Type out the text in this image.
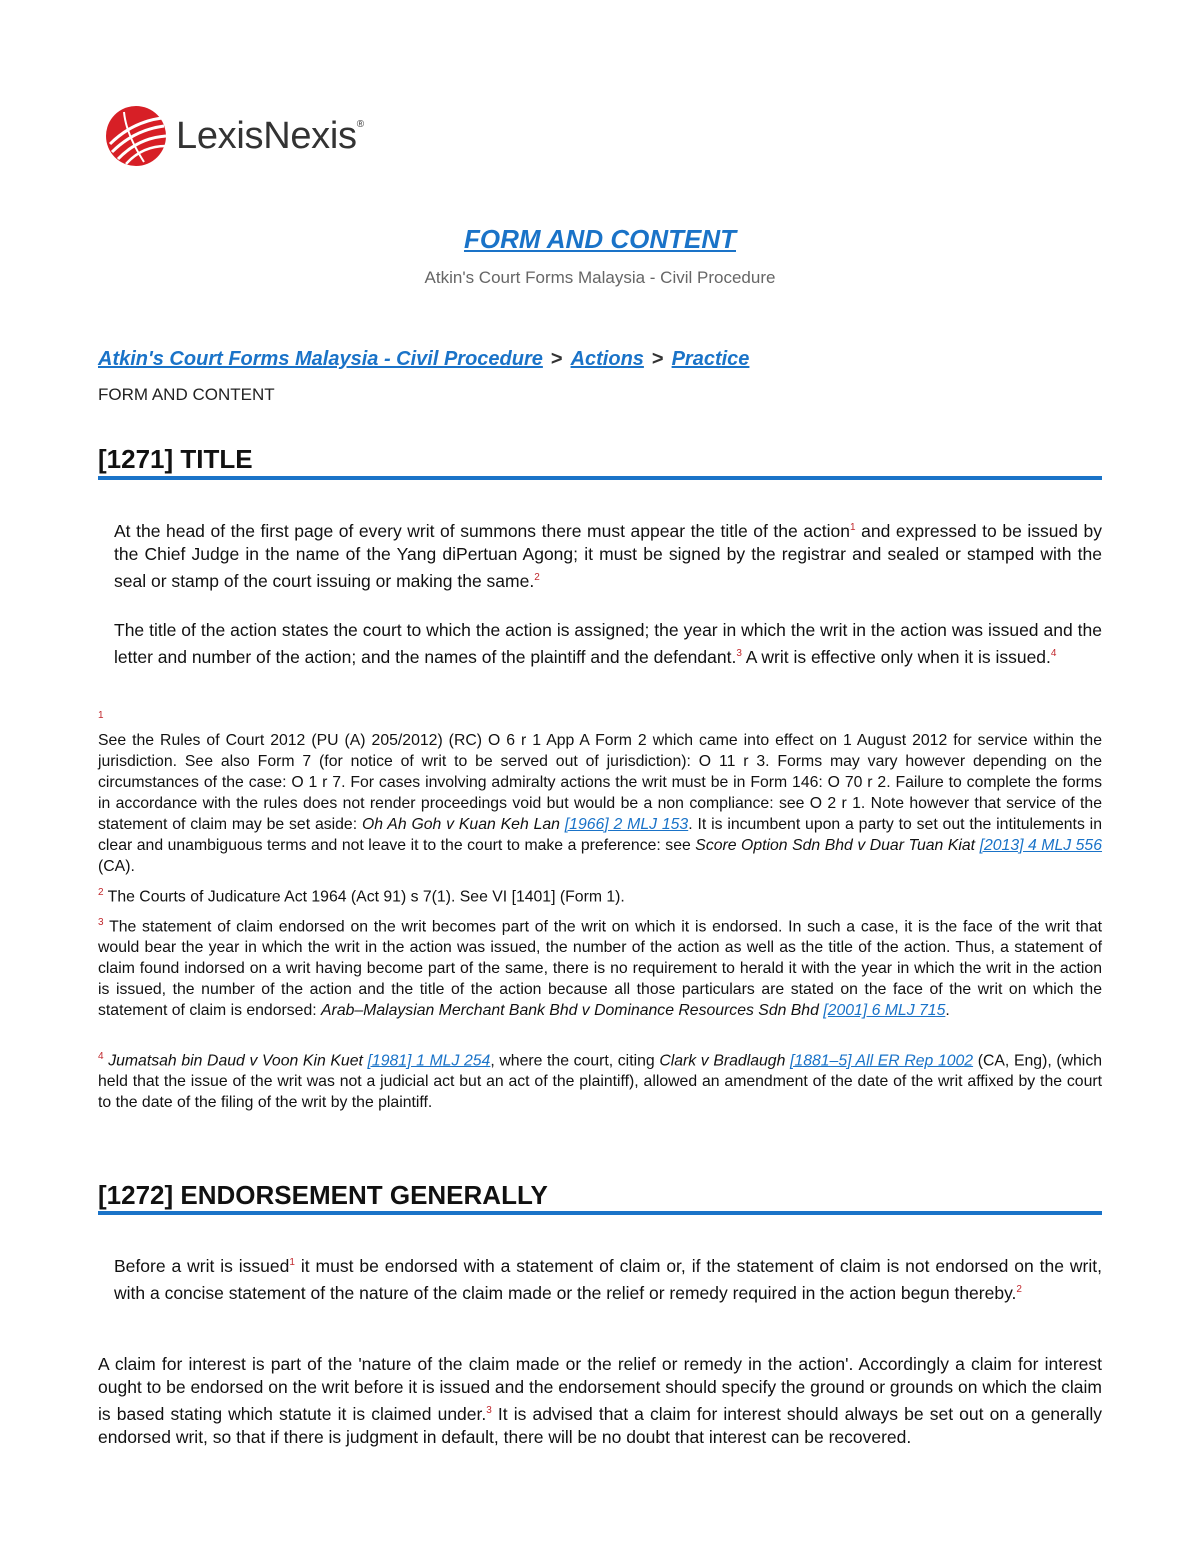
LexisNexis®
FORM AND CONTENT
Atkin's Court Forms Malaysia - Civil Procedure
Atkin's Court Forms Malaysia - Civil Procedure > Actions > Practice
FORM AND CONTENT
[1271] TITLE
At the head of the first page of every writ of summons there must appear the title of the action$^1$ and expressed to be issued by the Chief Judge in the name of the Yang diPertuan Agong; it must be signed by the registrar and sealed or stamped with the seal or stamp of the court issuing or making the same.$^2$
The title of the action states the court to which the action is assigned; the year in which the writ in the action was issued and the letter and number of the action; and the names of the plaintiff and the defendant.$^3$ A writ is effective only when it is issued.$^4$
1
See the Rules of Court 2012 (PU (A) 205/2012) (RC) O 6 r 1 App A Form 2 which came into effect on 1 August 2012 for service within the jurisdiction. See also Form 7 (for notice of writ to be served out of jurisdiction): O 11 r 3. Forms may vary however depending on the circumstances of the case: O 1 r 7. For cases involving admiralty actions the writ must be in Form 146: O 70 r 2. Failure to complete the forms in accordance with the rules does not render proceedings void but would be a non compliance: see O 2 r 1. Note however that service of the statement of claim may be set aside: Oh Ah Goh v Kuan Keh Lan [1966] 2 MLJ 153. It is incumbent upon a party to set out the intitulements in clear and unambiguous terms and not leave it to the court to make a preference: see Score Option Sdn Bhd v Duar Tuan Kiat [2013] 4 MLJ 556 (CA).
$^2$ The Courts of Judicature Act 1964 (Act 91) s 7(1). See VI [1401] (Form 1).
$^3$ The statement of claim endorsed on the writ becomes part of the writ on which it is endorsed. In such a case, it is the face of the writ that would bear the year in which the writ in the action was issued, the number of the action as well as the title of the action. Thus, a statement of claim found indorsed on a writ having become part of the same, there is no requirement to herald it with the year in which the writ in the action is issued, the number of the action and the title of the action because all those particulars are stated on the face of the writ on which the statement of claim is endorsed: Arab–Malaysian Merchant Bank Bhd v Dominance Resources Sdn Bhd [2001] 6 MLJ 715.
$^4$ Jumatsah bin Daud v Voon Kin Kuet [1981] 1 MLJ 254, where the court, citing Clark v Bradlaugh [1881–5] All ER Rep 1002 (CA, Eng), (which held that the issue of the writ was not a judicial act but an act of the plaintiff), allowed an amendment of the date of the writ affixed by the court to the date of the filing of the writ by the plaintiff.
[1272] ENDORSEMENT GENERALLY
Before a writ is issued$^1$ it must be endorsed with a statement of claim or, if the statement of claim is not endorsed on the writ, with a concise statement of the nature of the claim made or the relief or remedy required in the action begun thereby.$^2$
A claim for interest is part of the 'nature of the claim made or the relief or remedy in the action'. Accordingly a claim for interest ought to be endorsed on the writ before it is issued and the endorsement should specify the ground or grounds on which the claim is based stating which statute it is claimed under.$^3$ It is advised that a claim for interest should always be set out on a generally endorsed writ, so that if there is judgment in default, there will be no doubt that interest can be recovered.
